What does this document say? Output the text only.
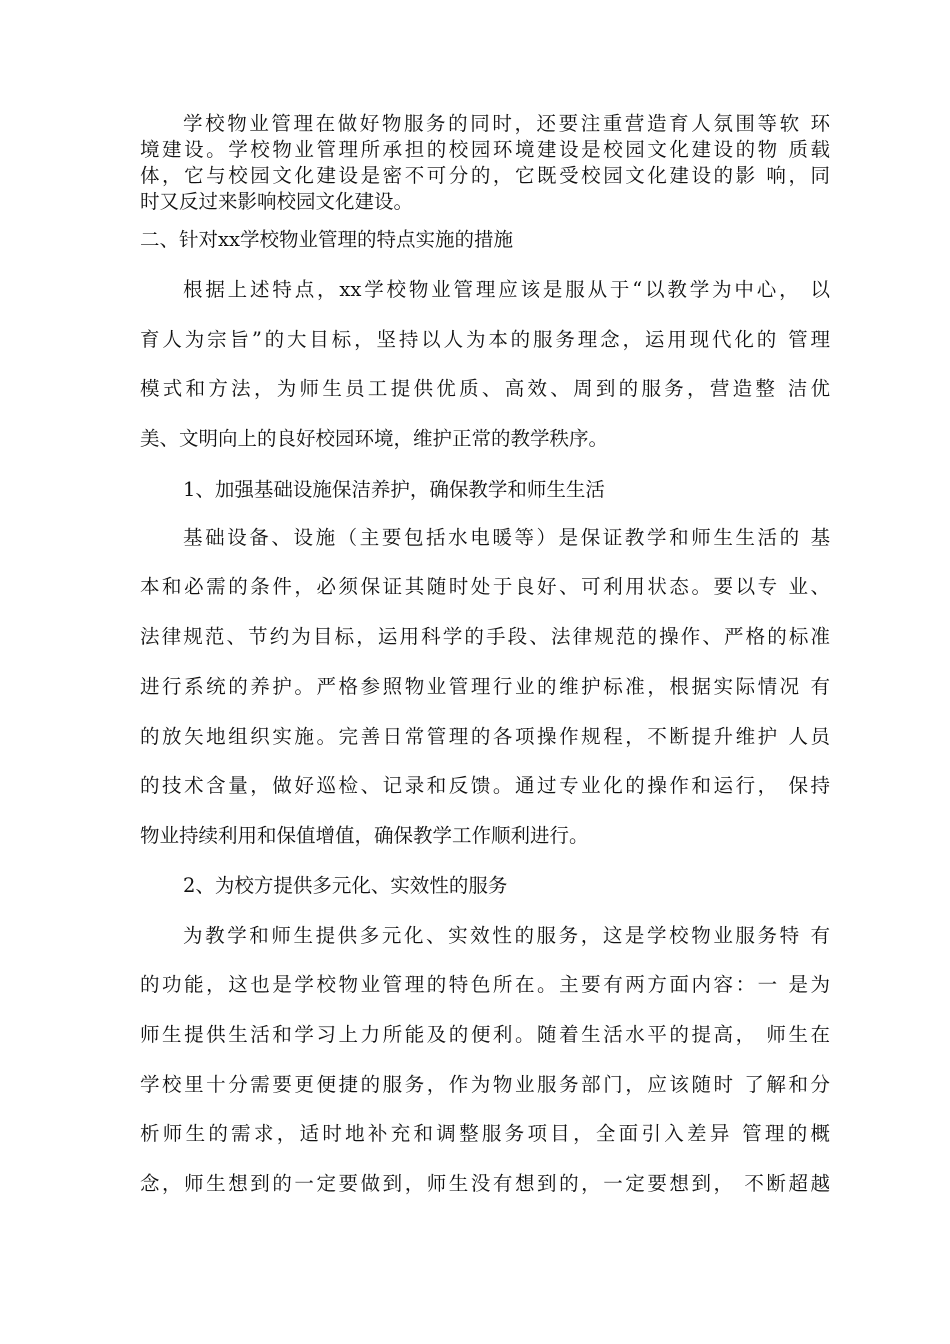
学校物业管理在做好物服务的同时，还要注重营造育人氛围等软 环
境建设。学校物业管理所承担的校园环境建设是校园文化建设的物 质载
体，它与校园文化建设是密不可分的，它既受校园文化建设的影 响，同
时又反过来影响校园文化建设。
二、针对xx学校物业管理的特点实施的措施
根据上述特点，xx学校物业管理应该是服从于“以教学为中心， 以
育人为宗旨”的大目标，坚持以人为本的服务理念，运用现代化的 管理
模式和方法，为师生员工提供优质、高效、周到的服务，营造整 洁优
美、文明向上的良好校园环境，维护正常的教学秩序。
1、加强基础设施保洁养护，确保教学和师生生活
基础设备、设施（主要包括水电暖等）是保证教学和师生生活的 基
本和必需的条件，必须保证其随时处于良好、可利用状态。要以专 业、
法律规范、节约为目标，运用科学的手段、法律规范的操作、严格的标准
进行系统的养护。严格参照物业管理行业的维护标准，根据实际情况 有
的放矢地组织实施。完善日常管理的各项操作规程，不断提升维护 人员
的技术含量，做好巡检、记录和反馈。通过专业化的操作和运行， 保持
物业持续利用和保值增值，确保教学工作顺利进行。
2、为校方提供多元化、实效性的服务
为教学和师生提供多元化、实效性的服务，这是学校物业服务特 有
的功能，这也是学校物业管理的特色所在。主要有两方面内容：一 是为
师生提供生活和学习上力所能及的便利。随着生活水平的提高， 师生在
学校里十分需要更便捷的服务，作为物业服务部门，应该随时 了解和分
析师生的需求，适时地补充和调整服务项目，全面引入差异 管理的概
念，师生想到的一定要做到，师生没有想到的，一定要想到， 不断超越
